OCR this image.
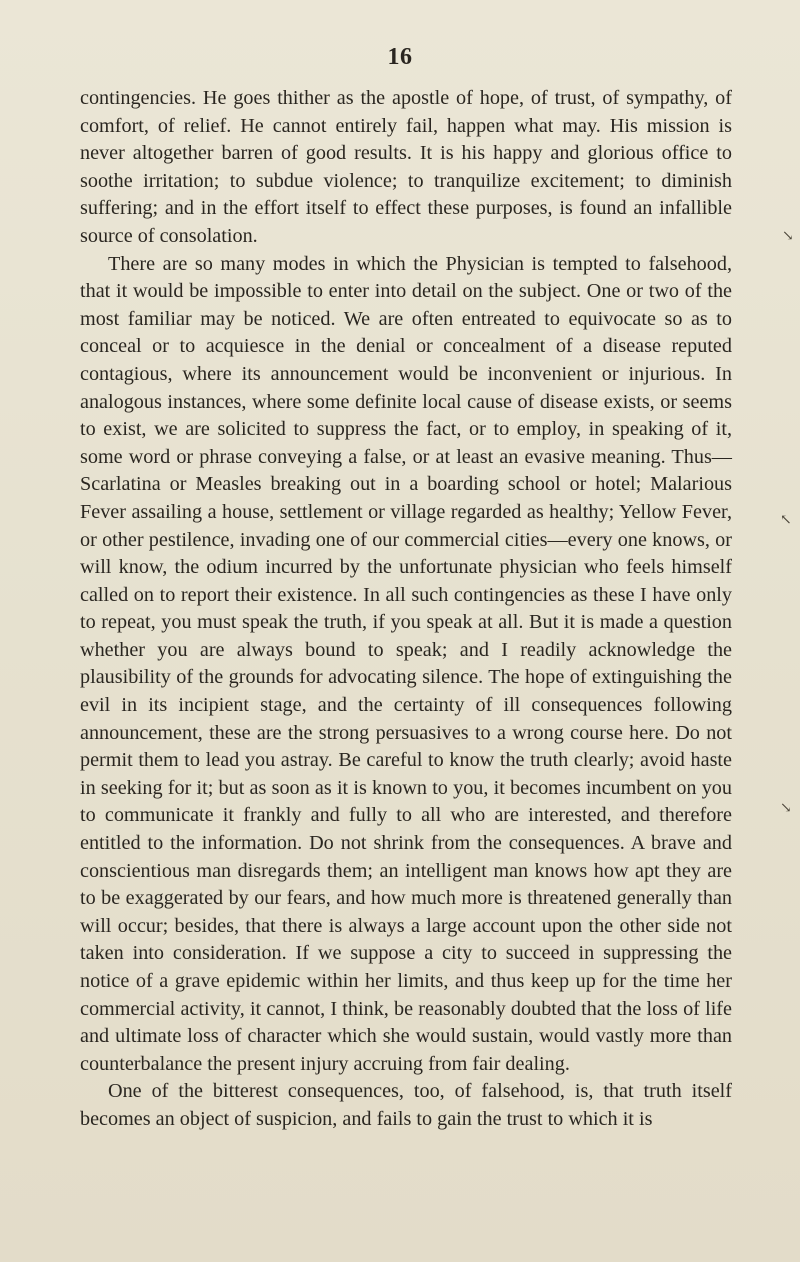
16

contingencies. He goes thither as the apostle of hope, of trust, of sympathy, of comfort, of relief. He cannot entirely fail, happen what may. His mission is never altogether barren of good results. It is his happy and glorious office to soothe irritation; to subdue violence; to tranquilize excitement; to diminish suffering; and in the effort itself to effect these purposes, is found an infallible source of consolation.

There are so many modes in which the Physician is tempted to falsehood, that it would be impossible to enter into detail on the subject. One or two of the most familiar may be noticed. We are often entreated to equivocate so as to conceal or to acquiesce in the denial or concealment of a disease reputed contagious, where its announcement would be inconvenient or injurious. In analogous instances, where some definite local cause of disease exists, or seems to exist, we are solicited to suppress the fact, or to employ, in speaking of it, some word or phrase conveying a false, or at least an evasive meaning. Thus—Scarlatina or Measles breaking out in a boarding school or hotel; Malarious Fever assailing a house, settlement or village regarded as healthy; Yellow Fever, or other pestilence, invading one of our commercial cities—every one knows, or will know, the odium incurred by the unfortunate physician who feels himself called on to report their existence. In all such contingencies as these I have only to repeat, you must speak the truth, if you speak at all. But it is made a question whether you are always bound to speak; and I readily acknowledge the plausibility of the grounds for advocating silence. The hope of extinguishing the evil in its incipient stage, and the certainty of ill consequences following announcement, these are the strong persuasives to a wrong course here. Do not permit them to lead you astray. Be careful to know the truth clearly; avoid haste in seeking for it; but as soon as it is known to you, it becomes incumbent on you to communicate it frankly and fully to all who are interested, and therefore entitled to the information. Do not shrink from the consequences. A brave and conscientious man disregards them; an intelligent man knows how apt they are to be exaggerated by our fears, and how much more is threatened generally than will occur; besides, that there is always a large account upon the other side not taken into consideration. If we suppose a city to succeed in suppressing the notice of a grave epidemic within her limits, and thus keep up for the time her commercial activity, it cannot, I think, be reasonably doubted that the loss of life and ultimate loss of character which she would sustain, would vastly more than counterbalance the present injury accruing from fair dealing.

One of the bitterest consequences, too, of falsehood, is, that truth itself becomes an object of suspicion, and fails to gain the trust to which it is

↘
↖
↘
